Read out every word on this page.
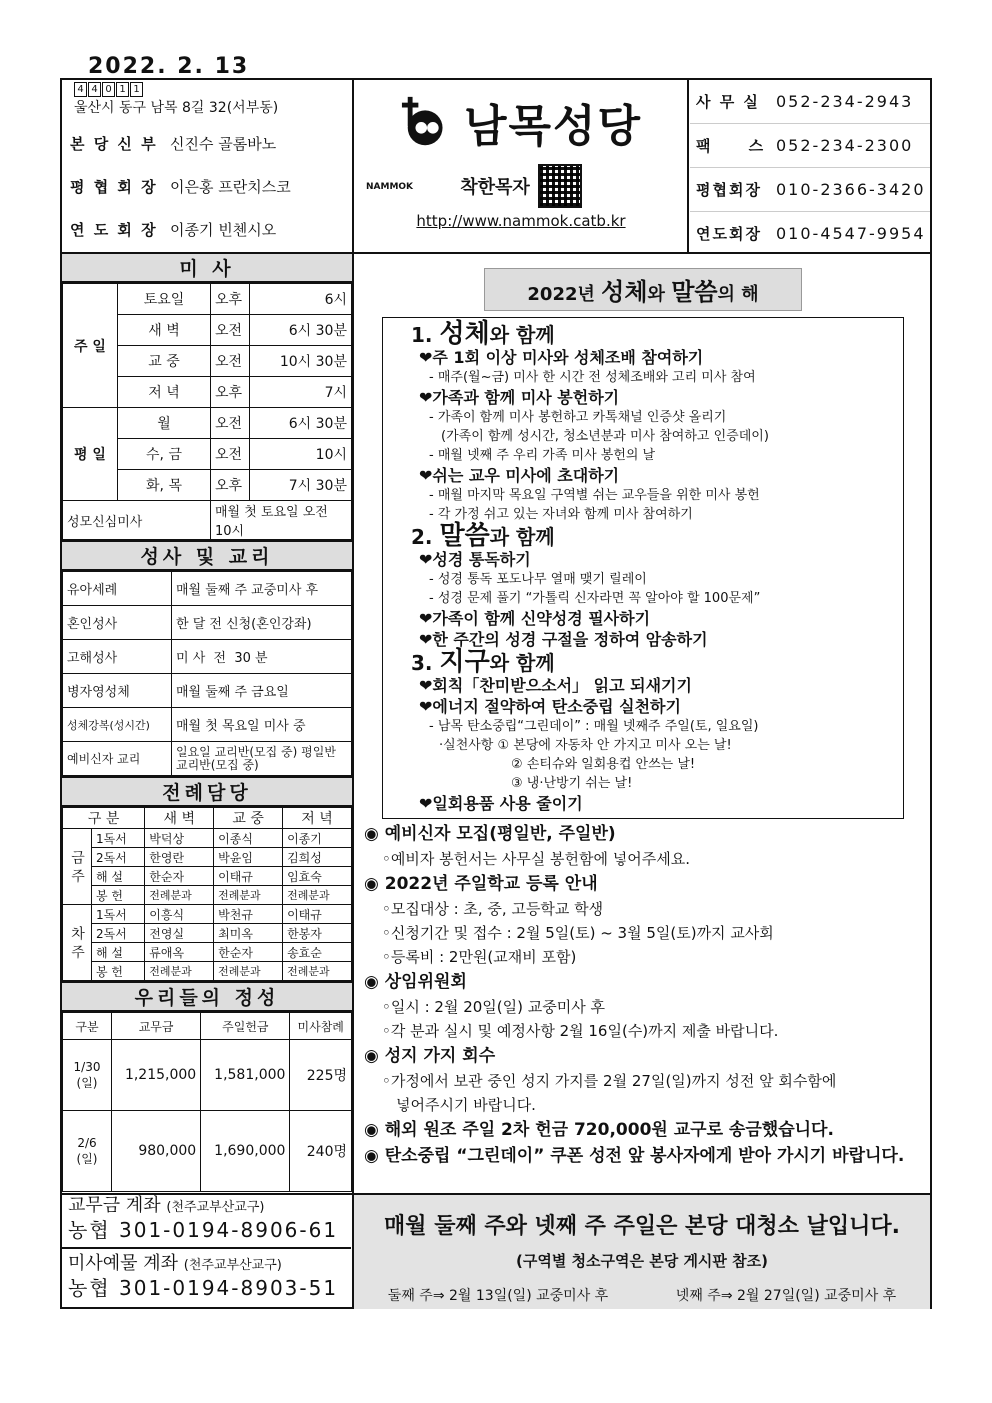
2022. 2. 13
4 4 0 1 1
울산시 동구 남목 8길 32(서부동)
본 당 신 부 신진수 골롬바노
평 협 회 장 이은홍 프란치스코
연 도 회 장 이종기 빈첸시오
남목성당
NAMMOK	착한목자
http://www.nammok.catb.kr
사 무 실	052-234-2943
팩     스 052-234-2300
평협회장 010-2366-3420
연도회장 010-4547-9954
미 사
주 일	토요일	오후	6시
	새 벽	오전	6시 30분
	교 중	오전	10시 30분
	저 녁	오후	7시
평 일	월	오전	6시 30분
	수, 금	오전	10시
	화, 목	오후	7시 30분
성모신심미사		매월 첫 토요일 오전 10시	
성사 및 교리
유아세례	매월 둘째 주 교중미사 후
혼인성사	한 달 전 신청(혼인강좌)
고해성사	미 사  전  30 분
병자영성체	매월 둘째 주 금요일
성체강복(성시간)	매월 첫 목요일 미사 중
예비신자 교리	일요일 교리반(모집 중) 평일반 교리반(모집 중)
전례담당
구 분		새 벽	교 중	저 녁
금 주	1독서	박덕상	이종식	이종기
	2독서	한영란	박윤임	김희성
	해 설	한순자	이태규	임효숙
	봉 헌	전례분과	전례분과	전례분과
차 주	1독서	이흥식	박천규	이태규
	2독서	전영실	최미옥	한봉자
	해 설	류애옥	한순자	송효순
	봉 헌	전례분과	전례분과	전례분과
우리들의 정성
구분	교무금	주일헌금	미사참례
1/30 (일)	1,215,000	1,581,000	225명
2/6 (일)	980,000	1,690,000	240명
2022년 성체와 말씀의 해
1. 성체와 함께
❤주 1회 이상 미사와 성체조배 참여하기
- 매주(월~금) 미사 한 시간 전 성체조배와 고리 미사 참여
❤가족과 함께 미사 봉헌하기
- 가족이 함께 미사 봉헌하고 카톡채널 인증샷 올리기
(가족이 함께 성시간, 청소년분과 미사 참여하고 인증데이)
- 매월 넷째 주 우리 가족 미사 봉헌의 날
❤쉬는 교우 미사에 초대하기
- 매월 마지막 목요일 구역별 쉬는 교우들을 위한 미사 봉헌
- 각 가정 쉬고 있는 자녀와 함께 미사 참여하기
2. 말씀과 함께
❤성경 통독하기
- 성경 통독 포도나무 열매 맺기 릴레이
- 성경 문제 풀기 “가톨릭 신자라면 꼭 알아야 할 100문제”
❤가족이 함께 신약성경 필사하기
❤한 주간의 성경 구절을 정하여 암송하기
3. 지구와 함께
❤회칙「찬미받으소서」 읽고 되새기기
❤에너지 절약하여 탄소중립 실천하기
- 남목 탄소중립“그린데이” : 매월 넷째주 주일(토, 일요일)
·실천사항 ① 본당에 자동차 안 가지고 미사 오는 날!
② 손티슈와 일회용컵 안쓰는 날!
③ 냉·난방기 쉬는 날!
❤일회용품 사용 줄이기
◉ 예비신자 모집(평일반, 주일반)
◦예비자 봉헌서는 사무실 봉헌함에 넣어주세요.
◉ 2022년 주일학교 등록 안내
◦모집대상 : 초, 중, 고등학교 학생
◦신청기간 및 접수 : 2월 5일(토) ~ 3월 5일(토)까지 교사회
◦등록비 : 2만원(교재비 포함)
◉ 상임위원회
◦일시 : 2월 20일(일) 교중미사 후
◦각 분과 실시 및 예정사항 2월 16일(수)까지 제출 바랍니다.
◉ 성지 가지 회수
◦가정에서 보관 중인 성지 가지를 2월 27일(일)까지 성전 앞 회수함에
넣어주시기 바랍니다.
◉ 해외 원조 주일 2차 헌금 720,000원 교구로 송금했습니다.
◉ 탄소중립 “그린데이” 쿠폰 성전 앞 봉사자에게 받아 가시기 바랍니다.
교무금 계좌 (천주교부산교구)
농협 301-0194-8906-61
미사예물 계좌 (천주교부산교구)
농협 301-0194-8903-51
매월 둘째 주와 넷째 주 주일은 본당 대청소 날입니다.
(구역별 청소구역은 본당 게시판 참조)
둘째 주⇒ 2월 13일(일) 교중미사 후	넷째 주⇒ 2월 27일(일) 교중미사 후
